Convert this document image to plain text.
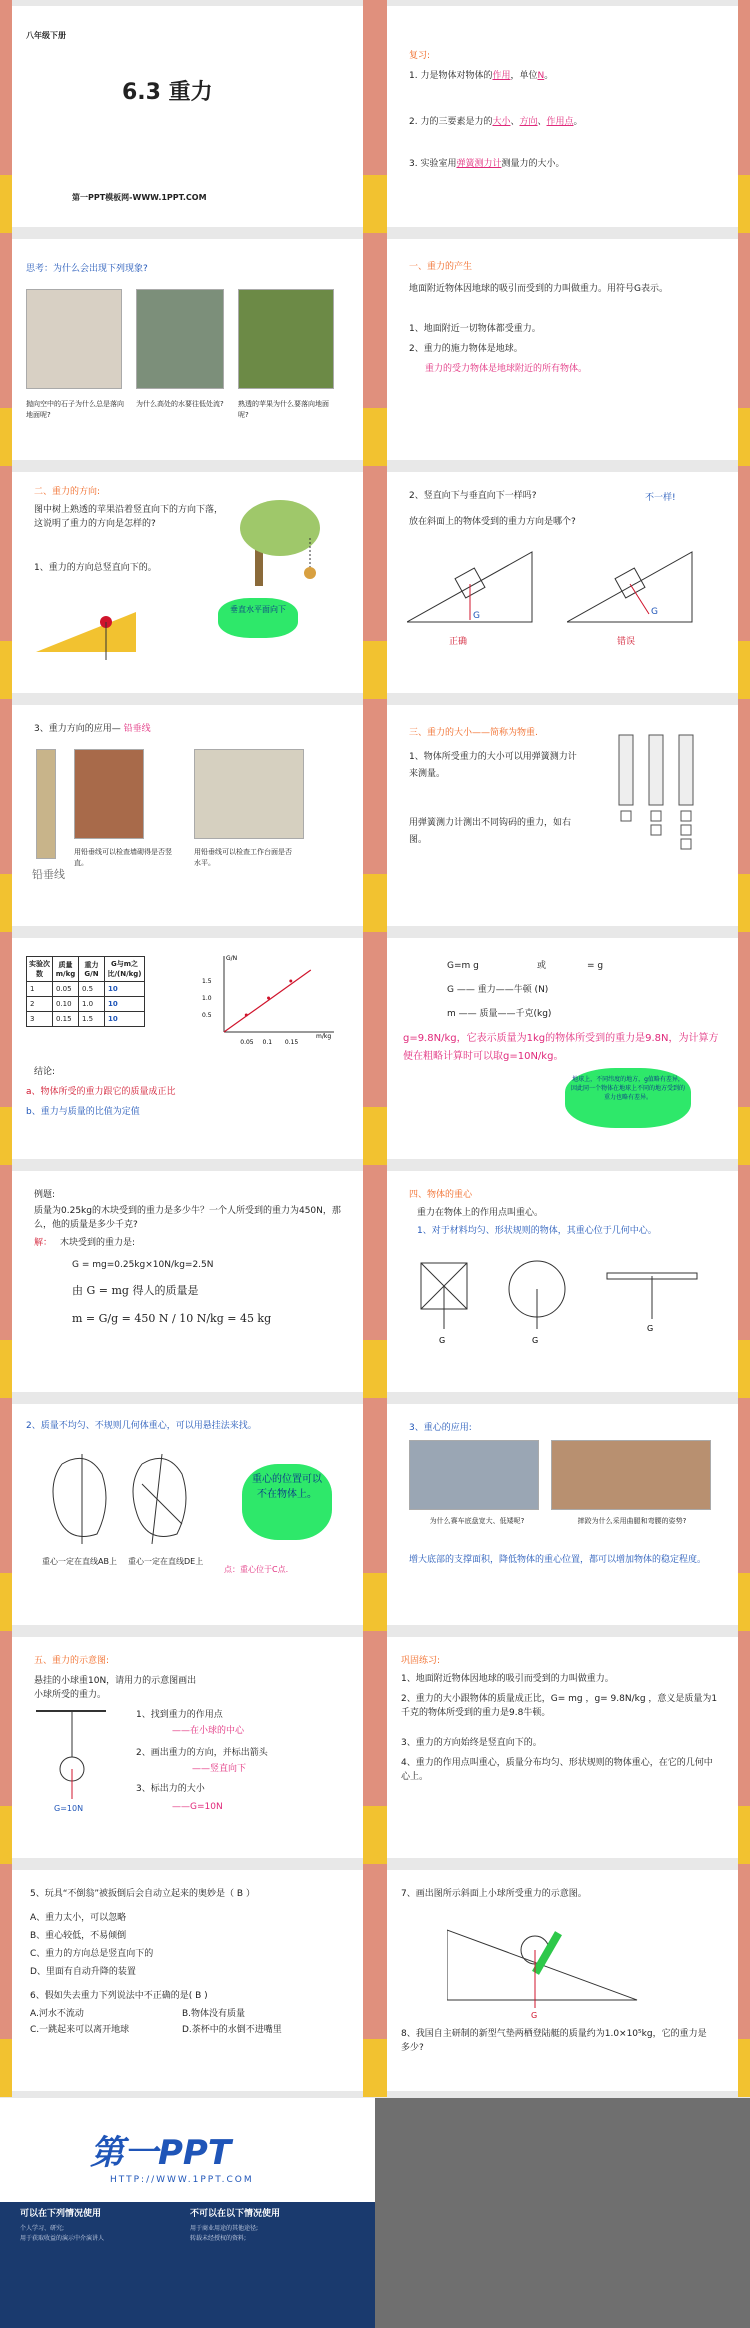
八年级下册
6.3 重力
第一PPT模板网-WWW.1PPT.COM
复习:
1. 力是物体对物体的作用，单位N。
2. 力的三要素是力的大小、方向、作用点。
3. 实验室用弹簧测力计测量力的大小。
思考：为什么会出现下列现象?
抛向空中的石子为什么总是落向地面呢?
为什么高处的水要往低处流?	熟透的苹果为什么要落向地面呢?
一、重力的产生
地面附近物体因地球的吸引而受到的力叫做重力。用符号G表示。
1、地面附近一切物体都受重力。
2、重力的施力物体是地球。
重力的受力物体是地球附近的所有物体。
二、重力的方向:
图中树上熟透的苹果沿着竖直向下的方向下落，这说明了重力的方向是怎样的?
1、重力的方向总竖直向下的。
垂直水平面向下
2、竖直向下与垂直向下一样吗?	不一样!
放在斜面上的物体受到的重力方向是哪个?
G	G
正确	错误
3、重力方向的应用— 铅垂线
铅垂线
用铅垂线可以检查墙砌得是否竖直。
用铅垂线可以检查工作台面是否水平。
三、重力的大小——简称为物重.
1、物体所受重力的大小可以用弹簧测力计来测量。
用弹簧测力计测出不同钩码的重力，如右图。
实验次数	质量m/kg	重力G/N	G与m之比/(N/kg)
1	0.05	0.5	10
2	0.10	1.0	10
3	0.15	1.5	10
0.05 0.1 0.15
0.5
1.0
1.5
m/kg
G/N
结论:
a、物体所受的重力跟它的质量成正比
b、重力与质量的比值为定值
G=m g	或	= g
G —— 重力——牛顿 (N)
m —— 质量——千克(kg)
g=9.8N/kg，它表示质量为1kg的物体所受到的重力是9.8N，为计算方便在粗略计算时可以取g=10N/kg。
地球上，不同纬度的地方，g值略有差异，因此同一个物体在地球上不同的地方受到的重力也略有差异。
例题:
质量为0.25kg的木块受到的重力是多少牛？一个人所受到的重力为450N，那么，他的质量是多少千克?
解： 木块受到的重力是:
G = mg=0.25kg×10N/kg=2.5N
由 G = mg 得人的质量是
m = G/g = 450 N / 10 N/kg = 45 kg
四、物体的重心
重力在物体上的作用点叫重心。
1、对于材料均匀、形状规则的物体，其重心位于几何中心。
G	G
G
2、质量不均匀、不规则几何体重心，可以用悬挂法来找。
重心一定在直线AB上	重心一定在直线DE上
点：重心位于C点.
重心的位置可以不在物体上。
3、重心的应用:
为什么赛车底盘宽大、低矮呢?	摔跤为什么采用曲腿和弯腰的姿势?
增大底部的支撑面积，降低物体的重心位置，都可以增加物体的稳定程度。
五、重力的示意图:
悬挂的小球重10N，请用力的示意图画出小球所受的重力。
G=10N
1、找到重力的作用点
——在小球的中心
2、画出重力的方向，并标出箭头
——竖直向下
3、标出力的大小
——G=10N
巩固练习:
1、地面附近物体因地球的吸引而受到的力叫做重力。
2、重力的大小跟物体的质量成正比，G= mg ，g= 9.8N/kg ，意义是质量为1千克的物体所受到的重力是9.8牛顿。
3、重力的方向始终是竖直向下的。
4、重力的作用点叫重心，质量分布均匀、形状规则的物体重心，在它的几何中心上。
5、玩具“不倒翁”被扳倒后会自动立起来的奥妙是（ B ）
A、重力太小，可以忽略
B、重心较低，不易倾倒
C、重力的方向总是竖直向下的
D、里面有自动升降的装置
6、假如失去重力下列说法中不正确的是( B )
A.河水不流动	B.物体没有质量
C.一跳起来可以离开地球	D.茶杯中的水倒不进嘴里
7、画出图所示斜面上小球所受重力的示意图。
G
8、我国自主研制的新型气垫两栖登陆艇的质量约为1.0×10⁵kg，它的重力是多少?
第一PPT
HTTP://WWW.1PPT.COM
可以在下列情况使用	不可以在以下情况使用
个人学习、研究;
用于获取收益的演示中介演讲人
用于商业用途的其他途径;
转载未经授权的资料;
